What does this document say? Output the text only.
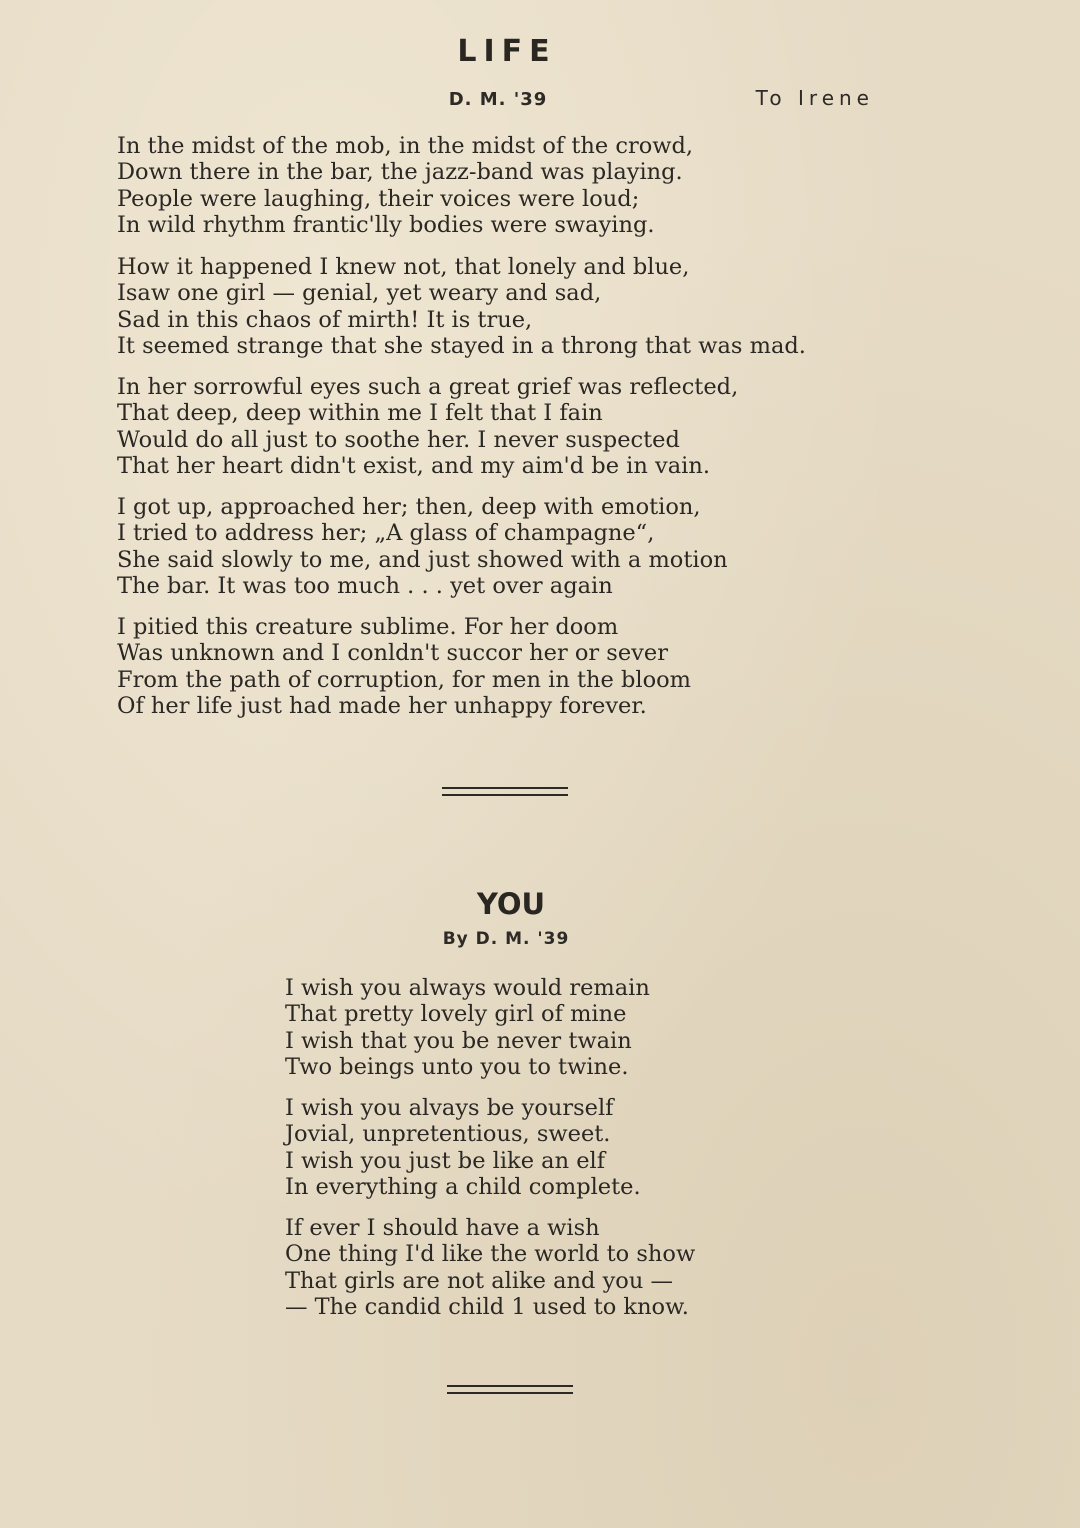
LIFE
D. M. '39	To Irene
In the midst of the mob, in the midst of the crowd,
Down there in the bar, the jazz-band was playing.
People were laughing, their voices were loud;
In wild rhythm frantic'lly bodies were swaying.
How it happened I knew not, that lonely and blue,
Isaw one girl — genial, yet weary and sad,
Sad in this chaos of mirth! It is true,
It seemed strange that she stayed in a throng that was mad.
In her sorrowful eyes such a great grief was reflected,
That deep, deep within me I felt that I fain
Would do all just to soothe her. I never suspected
That her heart didn't exist, and my aim'd be in vain.
I got up, approached her; then, deep with emotion,
I tried to address her; „A glass of champagne“,
She said slowly to me, and just showed with a motion
The bar. It was too much . . . yet over again
I pitied this creature sublime. For her doom
Was unknown and I conldn't succor her or sever
From the path of corruption, for men in the bloom
Of her life just had made her unhappy forever.
YOU
By D. M. '39
I wish you always would remain
That pretty lovely girl of mine
I wish that you be never twain
Two beings unto you to twine.
I wish you alvays be yourself
Jovial, unpretentious, sweet.
I wish you just be like an elf
In everything a child complete.
If ever I should have a wish
One thing I'd like the world to show
That girls are not alike and you —
— The candid child 1 used to know.
